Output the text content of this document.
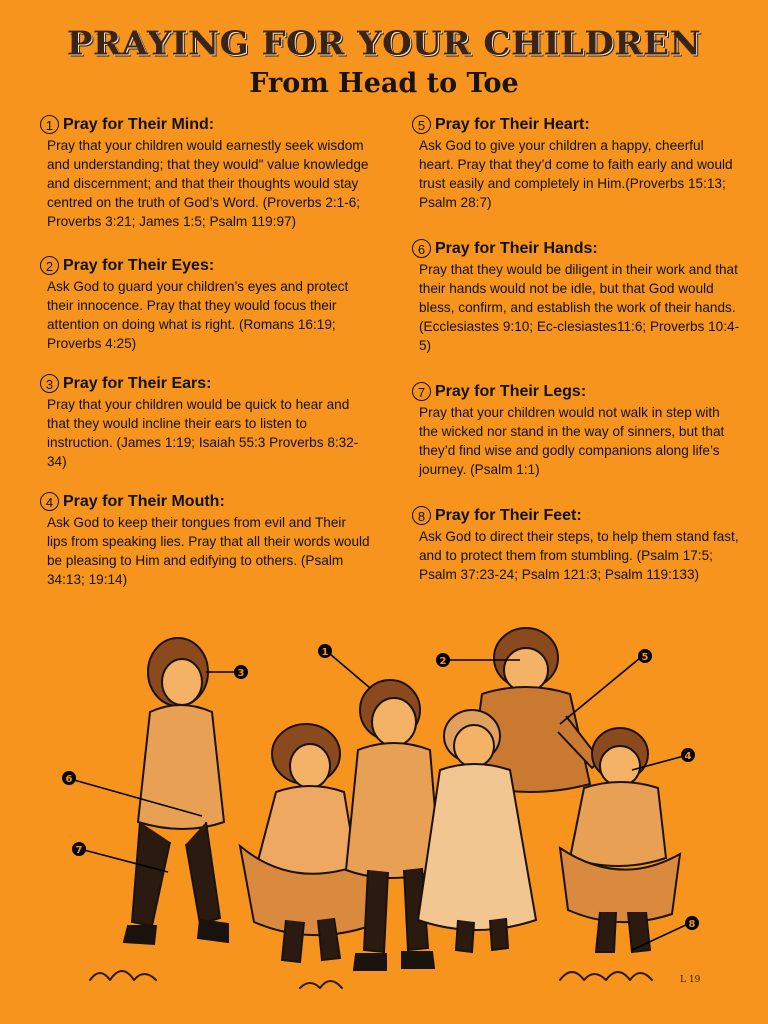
PRAYING FOR YOUR CHILDREN
From Head to Toe
1 Pray for Their Mind:
Pray that your children would earnestly seek wisdom and understanding; that they would" value knowledge and discernment; and that their thoughts would stay centred on the truth of God’s Word. (Proverbs 2:1-6; Proverbs 3:21; James 1:5; Psalm 119:97)
2 Pray for Their Eyes:
Ask God to guard your children’s eyes and protect their innocence. Pray that they would focus their attention on doing what is right. (Romans 16:19; Proverbs 4:25)
3 Pray for Their Ears:
Pray that your children would be quick to hear and that they would incline their ears to listen to instruction. (James 1:19; Isaiah 55:3 Proverbs 8:32-34)
4 Pray for Their Mouth:
Ask God to keep their tongues from evil and Their lips from speaking lies. Pray that all their words would be pleasing to Him and edifying to others. (Psalm 34:13; 19:14)
5 Pray for Their Heart:
Ask God to give your children a happy, cheerful heart. Pray that they’d come to faith early and would trust easily and completely in Him.(Proverbs 15:13; Psalm 28:7)
6 Pray for Their Hands:
Pray that they would be diligent in their work and that their hands would not be idle, but that God would bless, confirm, and establish the work of their hands. (Ecclesiastes 9:10; Ec-clesiastes11:6; Proverbs 10:4-5)
7 Pray for Their Legs:
Pray that your children would not walk in step with the wicked nor stand in the way of sinners, but that they’d find wise and godly companions along life’s journey. (Psalm 1:1)
8 Pray for Their Feet:
Ask God to direct their steps, to help them stand fast, and to protect them from stumbling. (Psalm 17:5; Psalm 37:23-24; Psalm 121:3; Psalm 119:133)
1
2
3
4
5
6
7
8
L 19
